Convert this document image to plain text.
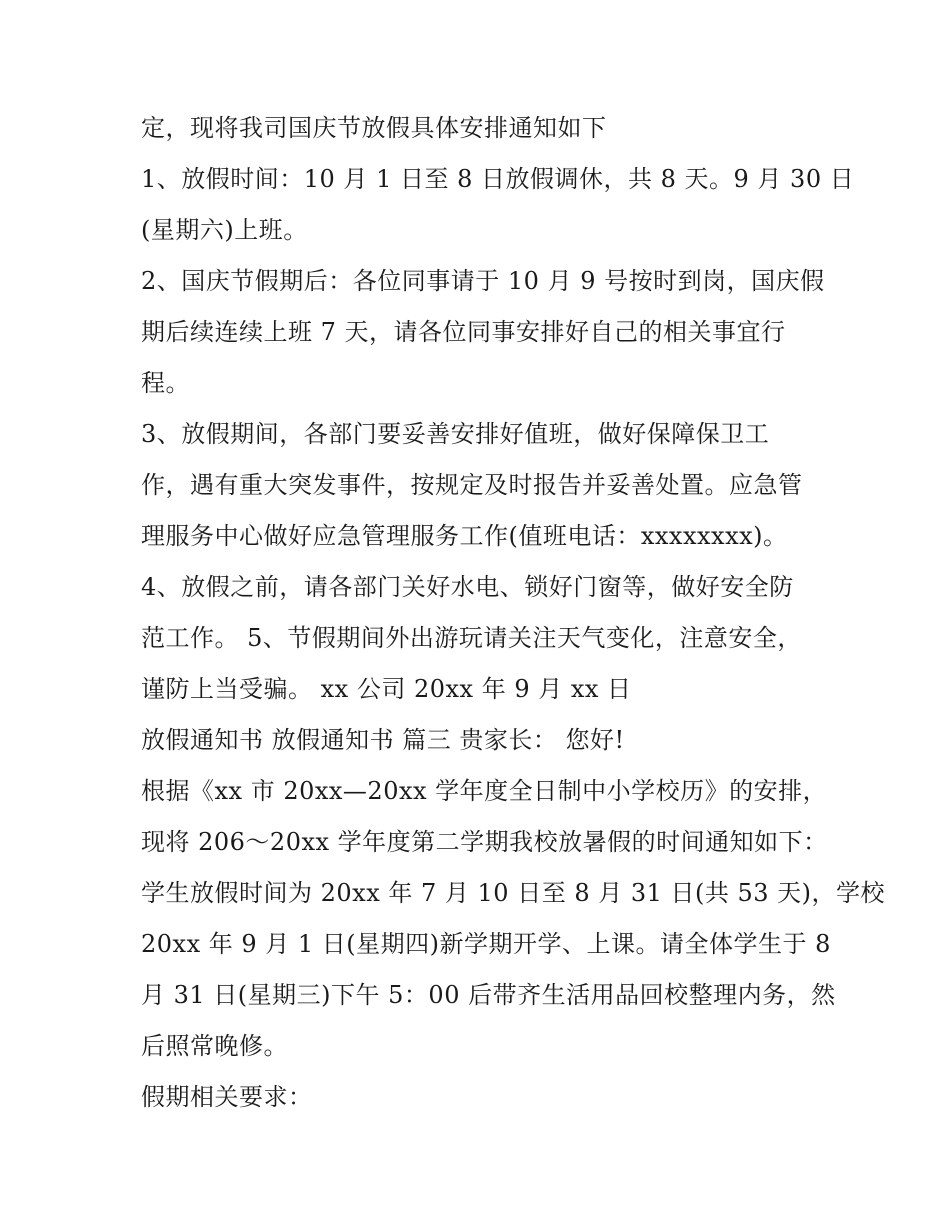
定，现将我司国庆节放假具体安排通知如下
1、放假时间：10 月 1 日至 8 日放假调休，共 8 天。9 月 30 日
(星期六)上班。
2、国庆节假期后：各位同事请于 10 月 9 号按时到岗，国庆假
期后续连续上班 7 天，请各位同事安排好自己的相关事宜行
程。
3、放假期间，各部门要妥善安排好值班，做好保障保卫工
作，遇有重大突发事件，按规定及时报告并妥善处置。应急管
理服务中心做好应急管理服务工作(值班电话：xxxxxxxx)。
4、放假之前，请各部门关好水电、锁好门窗等，做好安全防
范工作。 5、节假期间外出游玩请关注天气变化，注意安全，
谨防上当受骗。 xx 公司 20xx 年 9 月 xx 日
放假通知书 放假通知书 篇三 贵家长： 您好!
根据《xx 市 20xx—20xx 学年度全日制中小学校历》的安排，
现将 206～20xx 学年度第二学期我校放暑假的时间通知如下：
学生放假时间为 20xx 年 7 月 10 日至 8 月 31 日(共 53 天)，学校
20xx 年 9 月 1 日(星期四)新学期开学、上课。请全体学生于 8
月 31 日(星期三)下午 5：00 后带齐生活用品回校整理内务，然
后照常晚修。
假期相关要求：
